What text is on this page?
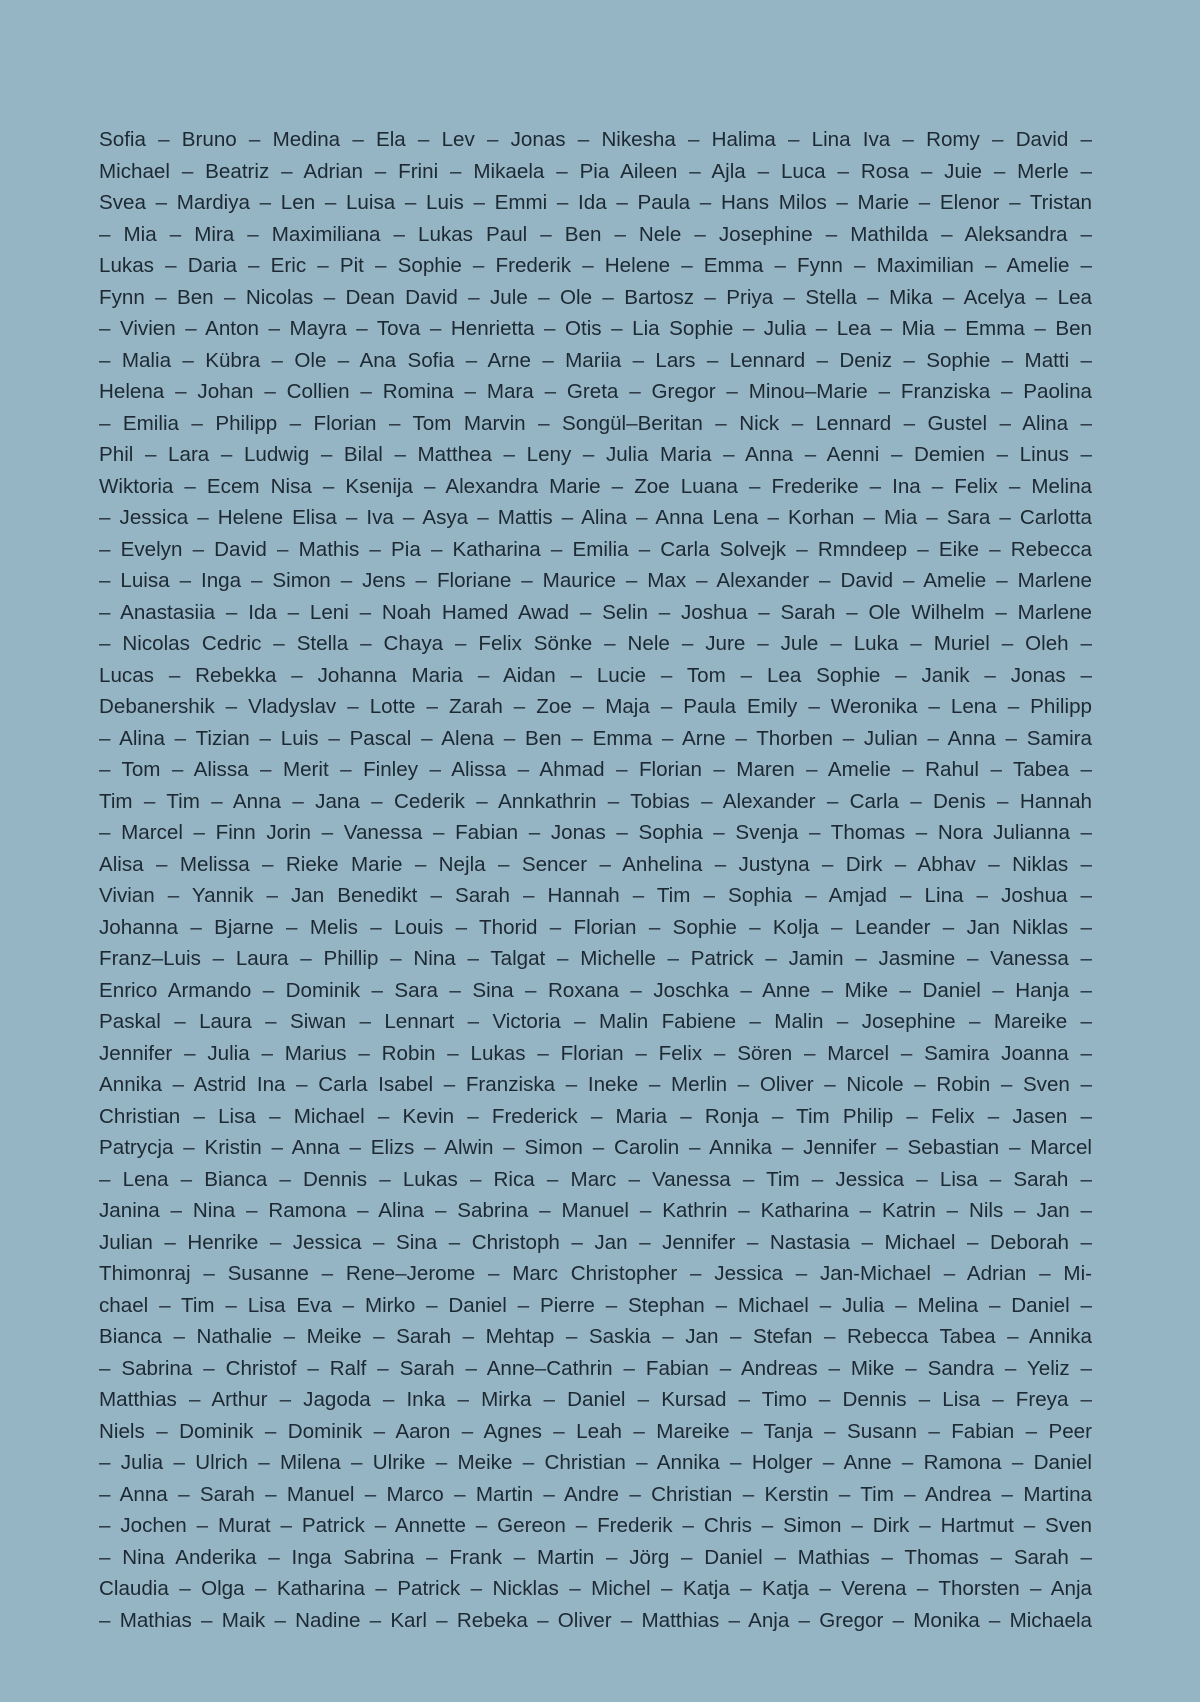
Sofia – Bruno – Medina – Ela – Lev – Jonas – Nikesha – Halima – Lina Iva – Romy – David –
Michael – Beatriz – Adrian – Frini – Mikaela – Pia Aileen – Ajla – Luca – Rosa – Juie – Merle –
Svea – Mardiya – Len – Luisa – Luis – Emmi – Ida – Paula – Hans Milos – Marie – Elenor – Tristan
– Mia – Mira – Maximiliana – Lukas Paul – Ben – Nele – Josephine – Mathilda – Aleksandra –
Lukas – Daria – Eric – Pit – Sophie – Frederik – Helene – Emma – Fynn – Maximilian – Amelie –
Fynn – Ben – Nicolas – Dean David – Jule – Ole – Bartosz – Priya – Stella – Mika – Acelya – Lea
– Vivien – Anton – Mayra – Tova – Henrietta – Otis – Lia Sophie – Julia – Lea – Mia – Emma – Ben
– Malia – Kübra – Ole – Ana Sofia – Arne – Mariia – Lars – Lennard – Deniz – Sophie – Matti –
Helena – Johan – Collien – Romina – Mara – Greta – Gregor – Minou–Marie – Franziska – Paolina
– Emilia – Philipp – Florian – Tom Marvin – Songül–Beritan – Nick – Lennard – Gustel – Alina –
Phil – Lara – Ludwig – Bilal – Matthea – Leny – Julia Maria – Anna – Aenni – Demien – Linus –
Wiktoria – Ecem Nisa – Ksenija – Alexandra Marie – Zoe Luana – Frederike – Ina – Felix – Melina
– Jessica – Helene Elisa – Iva – Asya – Mattis – Alina – Anna Lena – Korhan – Mia – Sara – Carlotta
– Evelyn – David – Mathis – Pia – Katharina – Emilia – Carla Solvejk – Rmndeep – Eike – Rebecca
– Luisa – Inga – Simon – Jens – Floriane – Maurice – Max – Alexander – David – Amelie – Marlene
– Anastasiia – Ida – Leni – Noah Hamed Awad – Selin – Joshua – Sarah – Ole Wilhelm – Marlene
– Nicolas Cedric – Stella – Chaya – Felix Sönke – Nele – Jure – Jule – Luka – Muriel – Oleh –
Lucas – Rebekka – Johanna Maria – Aidan – Lucie – Tom – Lea Sophie – Janik – Jonas –
Debanershik – Vladyslav – Lotte – Zarah – Zoe – Maja – Paula Emily – Weronika – Lena – Philipp
– Alina – Tizian – Luis – Pascal – Alena – Ben – Emma – Arne – Thorben – Julian – Anna – Samira
– Tom – Alissa – Merit – Finley – Alissa – Ahmad – Florian – Maren – Amelie – Rahul – Tabea –
Tim – Tim – Anna – Jana – Cederik – Annkathrin – Tobias – Alexander – Carla – Denis – Hannah
– Marcel – Finn Jorin – Vanessa – Fabian – Jonas – Sophia – Svenja – Thomas – Nora Julianna –
Alisa – Melissa – Rieke Marie – Nejla – Sencer – Anhelina – Justyna – Dirk – Abhav – Niklas –
Vivian – Yannik – Jan Benedikt – Sarah – Hannah – Tim – Sophia – Amjad – Lina – Joshua –
Johanna – Bjarne – Melis – Louis – Thorid – Florian – Sophie – Kolja – Leander – Jan Niklas –
Franz–Luis – Laura – Phillip – Nina – Talgat – Michelle – Patrick – Jamin – Jasmine – Vanessa –
Enrico Armando – Dominik – Sara – Sina – Roxana – Joschka – Anne – Mike – Daniel – Hanja –
Paskal – Laura – Siwan – Lennart – Victoria – Malin Fabiene – Malin – Josephine – Mareike –
Jennifer – Julia – Marius – Robin – Lukas – Florian – Felix – Sören – Marcel – Samira Joanna –
Annika – Astrid Ina – Carla Isabel – Franziska – Ineke – Merlin – Oliver – Nicole – Robin – Sven –
Christian – Lisa – Michael – Kevin – Frederick – Maria – Ronja – Tim Philip – Felix – Jasen –
Patrycja – Kristin – Anna – Elizs – Alwin – Simon – Carolin – Annika – Jennifer – Sebastian – Marcel
– Lena – Bianca – Dennis – Lukas – Rica – Marc – Vanessa – Tim – Jessica – Lisa – Sarah –
Janina – Nina – Ramona – Alina – Sabrina – Manuel – Kathrin – Katharina – Katrin – Nils – Jan –
Julian – Henrike – Jessica – Sina – Christoph – Jan – Jennifer – Nastasia – Michael – Deborah –
Thimonraj – Susanne – Rene–Jerome – Marc Christopher – Jessica – Jan-Michael – Adrian – Mi-
chael – Tim – Lisa Eva – Mirko – Daniel – Pierre – Stephan – Michael – Julia – Melina – Daniel –
Bianca – Nathalie – Meike – Sarah – Mehtap – Saskia – Jan – Stefan – Rebecca Tabea – Annika
– Sabrina – Christof – Ralf – Sarah – Anne–Cathrin – Fabian – Andreas – Mike – Sandra – Yeliz –
Matthias – Arthur – Jagoda – Inka – Mirka – Daniel – Kursad – Timo – Dennis – Lisa – Freya –
Niels – Dominik – Dominik – Aaron – Agnes – Leah – Mareike – Tanja – Susann – Fabian – Peer
– Julia – Ulrich – Milena – Ulrike – Meike – Christian – Annika – Holger – Anne – Ramona – Daniel
– Anna – Sarah – Manuel – Marco – Martin – Andre – Christian – Kerstin – Tim – Andrea – Martina
– Jochen – Murat – Patrick – Annette – Gereon – Frederik – Chris – Simon – Dirk – Hartmut – Sven
– Nina Anderika – Inga Sabrina – Frank – Martin – Jörg – Daniel – Mathias – Thomas – Sarah –
Claudia – Olga – Katharina – Patrick – Nicklas – Michel – Katja – Katja – Verena – Thorsten – Anja
– Mathias – Maik – Nadine – Karl – Rebeka – Oliver – Matthias – Anja – Gregor – Monika – Michaela
